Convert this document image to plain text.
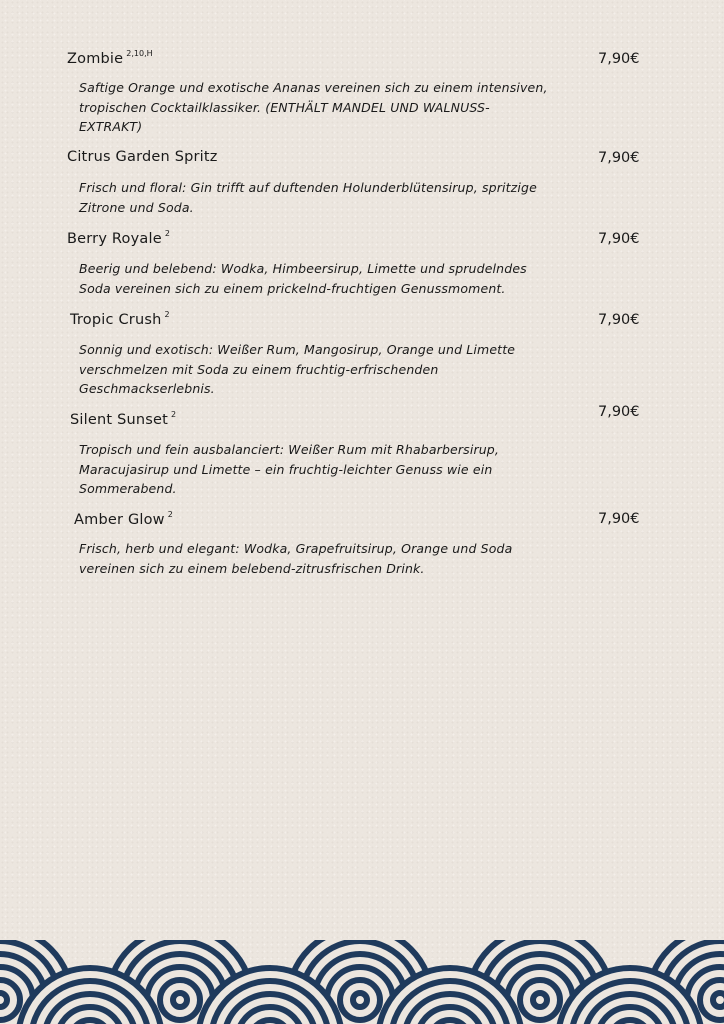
Zombie $^{2,10,H}$	7,90€
Saftige Orange und exotische Ananas vereinen sich zu einem intensiven,
tropischen Cocktailklassiker. (ENTHÄLT MANDEL UND WALNUSS-
EXTRAKT)
Citrus Garden Spritz	7,90€
Frisch und floral: Gin trifft auf duftenden Holunderblütensirup, spritzige
Zitrone und Soda.
Berry Royale $^2$	7,90€
Beerig und belebend: Wodka, Himbeersirup, Limette und sprudelndes
Soda vereinen sich zu einem prickelnd-fruchtigen Genussmoment.
Tropic Crush $^2$	7,90€
Sonnig und exotisch: Weißer Rum, Mangosirup, Orange und Limette
verschmelzen mit Soda zu einem fruchtig-erfrischenden
Geschmackserlebnis.
Silent Sunset $^2$	7,90€
Tropisch und fein ausbalanciert: Weißer Rum mit Rhabarbersirup,
Maracujasirup und Limette – ein fruchtig-leichter Genuss wie ein
Sommerabend.
Amber Glow $^2$	7,90€
Frisch, herb und elegant: Wodka, Grapefruitsirup, Orange und Soda
vereinen sich zu einem belebend-zitrusfrischen Drink.
